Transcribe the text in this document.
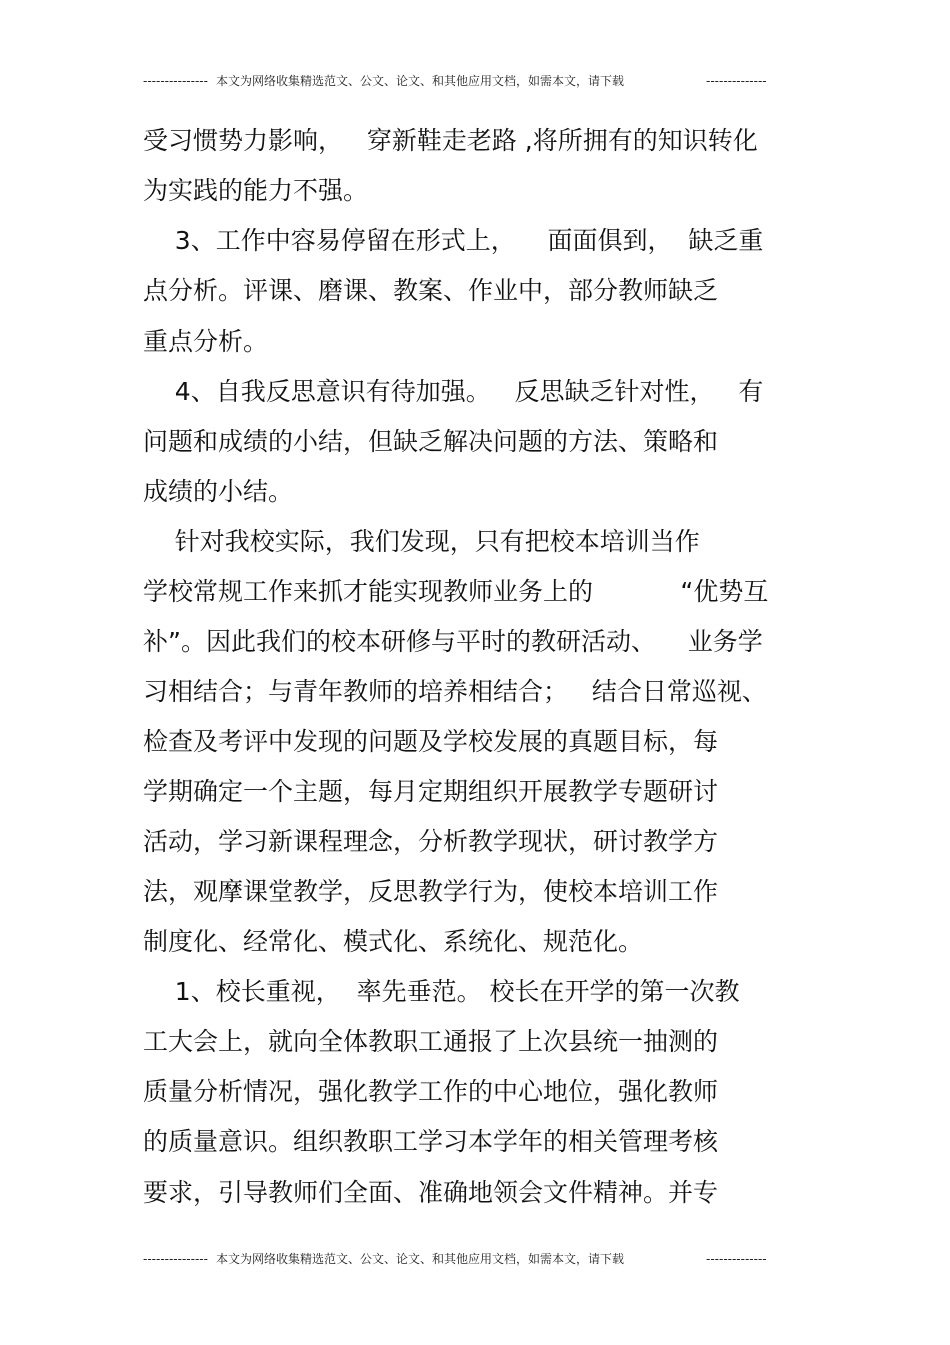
--------------- 本文为网络收集精选范文、公文、论文、和其他应用文档，如需本文，请下载	--------------
受习惯势力影响，   穿新鞋走老路 ,将所拥有的知识转化
为实践的能力不强。
3、工作中容易停留在形式上，    面面俱到，  缺乏重
点分析。评课、磨课、教案、作业中，部分教师缺乏
重点分析。
4、自我反思意识有待加强。   反思缺乏针对性，   有
问题和成绩的小结，但缺乏解决问题的方法、策略和
成绩的小结。
针对我校实际，我们发现，只有把校本培训当作
学校常规工作来抓才能实现教师业务上的           “优势互
补”。因此我们的校本研修与平时的教研活动、    业务学
习相结合；与青年教师的培养相结合；   结合日常巡视、
检查及考评中发现的问题及学校发展的真题目标，每
学期确定一个主题，每月定期组织开展教学专题研讨
活动，学习新课程理念，分析教学现状，研讨教学方
法，观摩课堂教学，反思教学行为，使校本培训工作
制度化、经常化、模式化、系统化、规范化。
1、校长重视，  率先垂范。 校长在开学的第一次教
工大会上，就向全体教职工通报了上次县统一抽测的
质量分析情况，强化教学工作的中心地位，强化教师
的质量意识。组织教职工学习本学年的相关管理考核
要求，引导教师们全面、准确地领会文件精神。并专
--------------- 本文为网络收集精选范文、公文、论文、和其他应用文档，如需本文，请下载	--------------
